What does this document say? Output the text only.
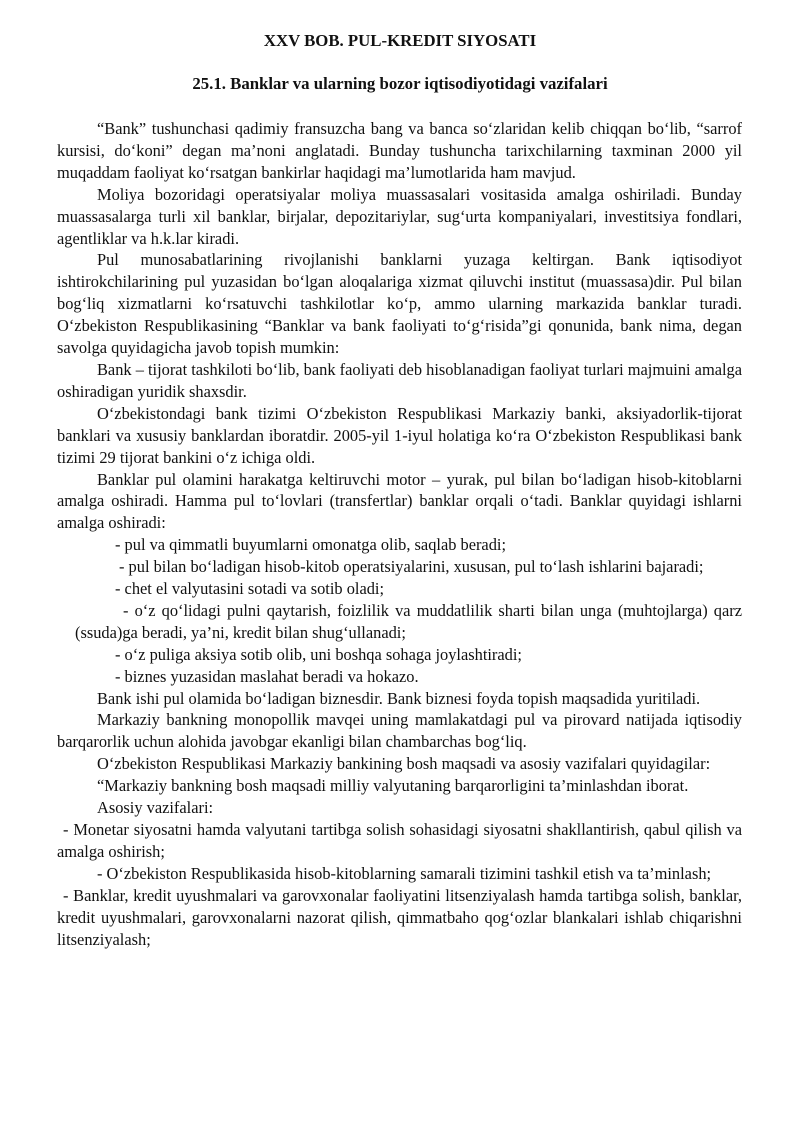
XXV BOB. PUL-KREDIT SIYOSATI
25.1. Banklar va ularning bozor iqtisodiyotidagi vazifalari

“Bank” tushunchasi qadimiy fransuzcha bang va banca so‘zlaridan kelib chiqqan bo‘lib, “sarrof kursisi, do‘koni” degan ma’noni anglatadi. Bunday tushuncha tarixchilarning taxminan 2000 yil muqaddam faoliyat ko‘rsatgan bankirlar haqidagi ma’lumotlarida ham mavjud.

Moliya bozoridagi operatsiyalar moliya muassasalari vositasida amalga oshiriladi. Bunday muassasalarga turli xil banklar, birjalar, depozitariylar, sug‘urta kompaniyalari, investitsiya fondlari, agentliklar va h.k.lar kiradi.

Pul munosabatlarining rivojlanishi banklarni yuzaga keltirgan. Bank iqtisodiyot ishtirokchilarining pul yuzasidan bo‘lgan aloqalariga xizmat qiluvchi institut (muassasa)dir. Pul bilan bog‘liq xizmatlarni ko‘rsatuvchi tashkilotlar ko‘p, ammo ularning markazida banklar turadi. O‘zbekiston Respublikasining “Banklar va bank faoliyati to‘g‘risida”gi qonunida, bank nima, degan savolga quyidagicha javob topish mumkin:

Bank – tijorat tashkiloti bo‘lib, bank faoliyati deb hisoblanadigan faoliyat turlari majmuini amalga oshiradigan yuridik shaxsdir.

O‘zbekistondagi bank tizimi O‘zbekiston Respublikasi Markaziy banki, aksiyadorlik-tijorat banklari va xususiy banklardan iboratdir. 2005-yil 1-iyul holatiga ko‘ra O‘zbekiston Respublikasi bank tizimi 29 tijorat bankini o‘z ichiga oldi.

Banklar pul olamini harakatga keltiruvchi motor – yurak, pul bilan bo‘ladigan hisob-kitoblarni amalga oshiradi. Hamma pul to‘lovlari (transfertlar) banklar orqali o‘tadi. Banklar quyidagi ishlarni amalga oshiradi:

- pul va qimmatli buyumlarni omonatga olib, saqlab beradi;

- pul bilan bo‘ladigan hisob-kitob operatsiyalarini, xususan, pul to‘lash ishlarini bajaradi;

- chet el valyutasini sotadi va sotib oladi;

- o‘z qo‘lidagi pulni qaytarish, foizlilik va muddatlilik sharti bilan unga (muhtojlarga) qarz (ssuda)ga beradi, ya’ni, kredit bilan shug‘ullanadi;

- o‘z puliga aksiya sotib olib, uni boshqa sohaga joylashtiradi;

- biznes yuzasidan maslahat beradi va hokazo.

Bank ishi pul olamida bo‘ladigan biznesdir. Bank biznesi foyda topish maqsadida yuritiladi.

Markaziy bankning monopollik mavqei uning mamlakatdagi pul va pirovard natijada iqtisodiy barqarorlik uchun alohida javobgar ekanligi bilan chambarchas bog‘liq.

O‘zbekiston Respublikasi Markaziy bankining bosh maqsadi va asosiy vazifalari quyidagilar:

“Markaziy bankning bosh maqsadi milliy valyutaning barqarorligini ta’minlashdan iborat.

Asosiy vazifalari:

- Monetar siyosatni hamda valyutani tartibga solish sohasidagi siyosatni shakllantirish, qabul qilish va amalga oshirish;

- O‘zbekiston Respublikasida hisob-kitoblarning samarali tizimini tashkil etish va ta’minlash;

- Banklar, kredit uyushmalari va garovxonalar faoliyatini litsenziyalash hamda tartibga solish, banklar, kredit uyushmalari, garovxonalarni nazorat qilish, qimmatbaho qog‘ozlar blankalari ishlab chiqarishni litsenziyalash;
